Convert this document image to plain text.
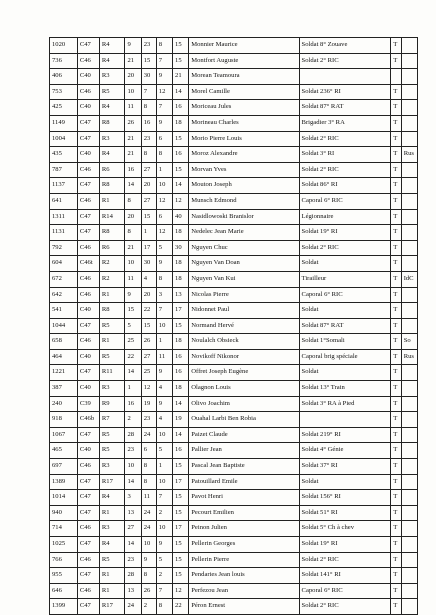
1020	C47	R4	9	23	8	15	Monnier Maurice	Soldat 8° Zouave	T	
736	C46	R4	21	15	7	15	Montfort Auguste	Soldat 2° RIC	T	
406	C40	R3	20	30	9	21	Morean Teamoura			
753	C46	R5	10	7	12	14	Morel Camille	Soldat 236° RI	T	
425	C40	R4	11	8	7	16	Moriceau Jules	Soldat 87° RAT	T	
1149	C47	R8	26	16	9	18	Morineau Charles	Brigadier 3° RA	T	
1004	C47	R3	21	23	6	15	Morio Pierre Louis	Soldat 2° RIC	T	
435	C40	R4	21	8	8	16	Moroz Alexandre	Soldat 3° RI	T	Rus
787	C46	R6	16	27	1	15	Morvan Yves	Soldat 2° RIC	T	
1137	C47	R8	14	20	10	14	Mouton Joseph	Soldat 86° RI	T	
641	C46	R1	8	27	12	12	Munsch Edmond	Caporal 6° RIC	T	
1311	C47	R14	20	15	6	40	Nasidlowoski Branislor	Légionnaire	T	
1131	C47	R8	8	1	12	18	Nedelec Jean Marie	Soldat 19° RI	T	
792	C46	R6	21	17	5	30	Nguyen Chuc	Soldat 2° RIC	T	
604	C46t	R2	10	30	9	18	Nguyen Van Doan	Soldat	T	
672	C46	R2	11	4	8	18	Nguyen Van Kui	Tirailleur	T	IdC
642	C46	R1	9	20	3	13	Nicolas Pierre	Caporal 6° RIC	T	
541	C40	R8	15	22	7	17	Nidonnet Paul	Soldat	T	
1044	C47	R5	5	15	10	15	Normand Hervé	Soldat 87° RAT	T	
658	C46	R1	25	26	1	18	Noulalch Obsieck	Soldat 1°Somali	T	So
464	C40	R5	22	27	11	16	Novikoff Nikonor	Caporal brig spéciale	T	Rus
1221	C47	R11	14	25	9	16	Offret Joseph Eugène	Soldat	T	
387	C40	R3	1	12	4	18	Olagnon Louis	Soldat 13° Train	T	
240	C39	R9	16	19	9	14	Olivo Joachim	Soldat 3° RA à Pied	T	
918	C46b	R7	2	23	4	19	Ouahal Larbi Ben Robia		T	
1067	C47	R5	28	24	10	14	Paizet Claude	Soldat 219° RI	T	
465	C40	R5	23	6	5	16	Pallier Jean	Soldat 4° Génie	T	
697	C46	R3	10	8	1	15	Pascal Jean Baptiste	Soldat 37° RI	T	
1389	C47	R17	14	8	10	17	Patouillard Emile	Soldat	T	
1014	C47	R4	3	11	7	15	Pavot Henri	Soldat 156° RI	T	
940	C47	R1	13	24	2	15	Pecourt Emilien	Soldat 51° RI	T	
714	C46	R3	27	24	10	17	Peinon Julien	Soldat 5° Ch à chev	T	
1025	C47	R4	14	10	9	15	Pellerin Georges	Soldat 19° RI	T	
766	C46	R5	23	9	5	15	Pellerin Pierre	Soldat 2° RIC	T	
955	C47	R1	28	8	2	15	Pendaries Jean louis	Soldat 141° RI	T	
646	C46	R1	13	26	7	12	Perfezou Jean	Caporal 6° RIC	T	
1399	C47	R17	24	2	8	22	Péron Ernest	Soldat 2° RIC	T	
